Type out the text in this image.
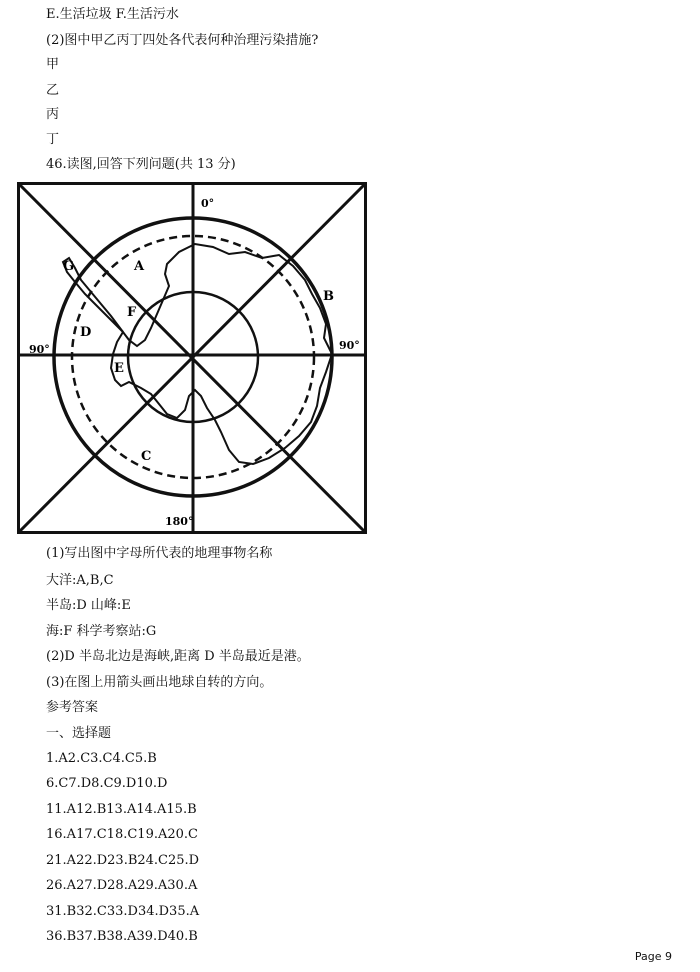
E.生活垃圾 F.生活污水
(2)图中甲乙丙丁四处各代表何种治理污染措施?
甲
乙
丙
丁
46.读图,回答下列问题(共 13 分)
0°
90°	90°
180°
A
B
C
D
E
F
G
(1)写出图中字母所代表的地理事物名称
大洋:A,B,C
半岛:D 山峰:E
海:F 科学考察站:G
(2)D 半岛北边是海峡,距离 D 半岛最近是港。
(3)在图上用箭头画出地球自转的方向。
参考答案
一、选择题
1.A2.C3.C4.C5.B
6.C7.D8.C9.D10.D
11.A12.B13.A14.A15.B
16.A17.C18.C19.A20.C
21.A22.D23.B24.C25.D
26.A27.D28.A29.A30.A
31.B32.C33.D34.D35.A
36.B37.B38.A39.D40.B
Page 9
